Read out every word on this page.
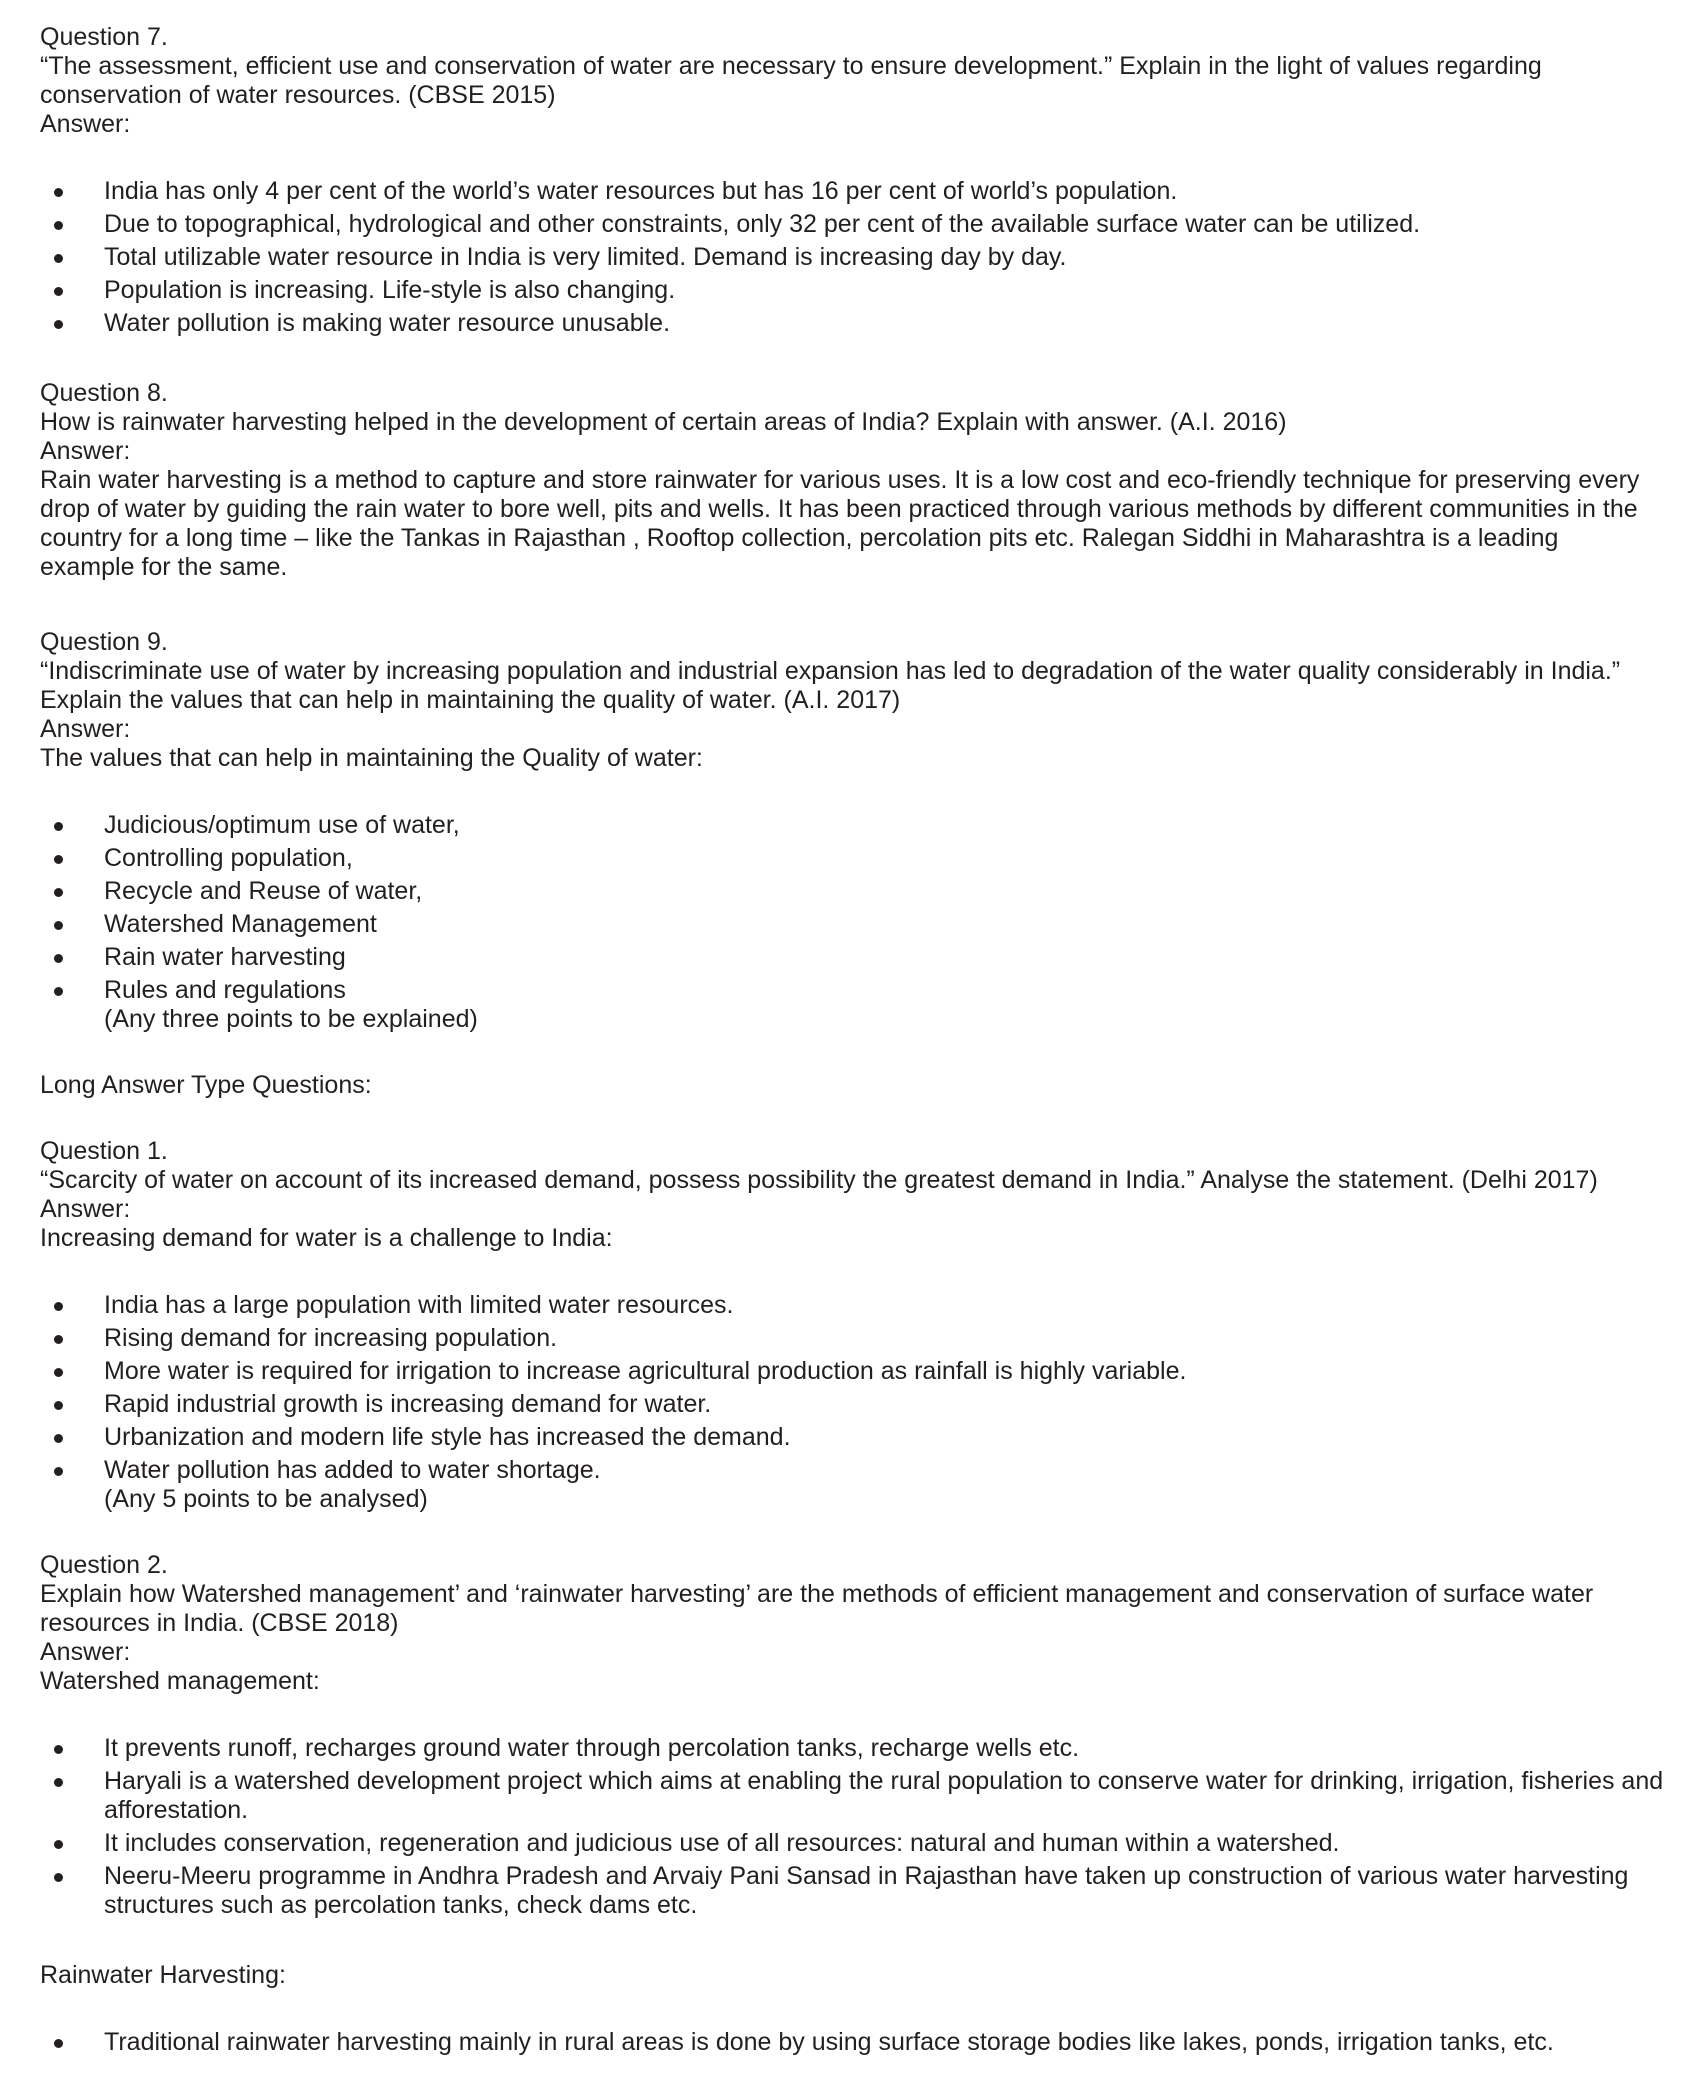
Question 7.
“The assessment, efficient use and conservation of water are necessary to ensure development.” Explain in the light of values regarding conservation of water resources. (CBSE 2015)
Answer:
India has only 4 per cent of the world’s water resources but has 16 per cent of world’s population.
Due to topographical, hydrological and other constraints, only 32 per cent of the available surface water can be utilized.
Total utilizable water resource in India is very limited. Demand is increasing day by day.
Population is increasing. Life-style is also changing.
Water pollution is making water resource unusable.
Question 8.
How is rainwater harvesting helped in the development of certain areas of India? Explain with answer. (A.I. 2016)
Answer:
Rain water harvesting is a method to capture and store rainwater for various uses. It is a low cost and eco-friendly technique for preserving every drop of water by guiding the rain water to bore well, pits and wells. It has been practiced through various methods by different communities in the country for a long time – like the Tankas in Rajasthan , Rooftop collection, percolation pits etc. Ralegan Siddhi in Maharashtra is a leading example for the same.
Question 9.
“Indiscriminate use of water by increasing population and industrial expansion has led to degradation of the water quality considerably in India.” Explain the values that can help in maintaining the quality of water. (A.I. 2017)
Answer:
The values that can help in maintaining the Quality of water:
Judicious/optimum use of water,
Controlling population,
Recycle and Reuse of water,
Watershed Management
Rain water harvesting
Rules and regulations
(Any three points to be explained)
Long Answer Type Questions:
Question 1.
“Scarcity of water on account of its increased demand, possess possibility the greatest demand in India.” Analyse the statement. (Delhi 2017)
Answer:
Increasing demand for water is a challenge to India:
India has a large population with limited water resources.
Rising demand for increasing population.
More water is required for irrigation to increase agricultural production as rainfall is highly variable.
Rapid industrial growth is increasing demand for water.
Urbanization and modern life style has increased the demand.
Water pollution has added to water shortage.
(Any 5 points to be analysed)
Question 2.
Explain how Watershed management’ and ‘rainwater harvesting’ are the methods of efficient management and conservation of surface water resources in India. (CBSE 2018)
Answer:
Watershed management:
It prevents runoff, recharges ground water through percolation tanks, recharge wells etc.
Haryali is a watershed development project which aims at enabling the rural population to conserve water for drinking, irrigation, fisheries and afforestation.
It includes conservation, regeneration and judicious use of all resources: natural and human within a watershed.
Neeru-Meeru programme in Andhra Pradesh and Arvaiy Pani Sansad in Rajasthan have taken up construction of various water harvesting structures such as percolation tanks, check dams etc.
Rainwater Harvesting:
Traditional rainwater harvesting mainly in rural areas is done by using surface storage bodies like lakes, ponds, irrigation tanks, etc.
